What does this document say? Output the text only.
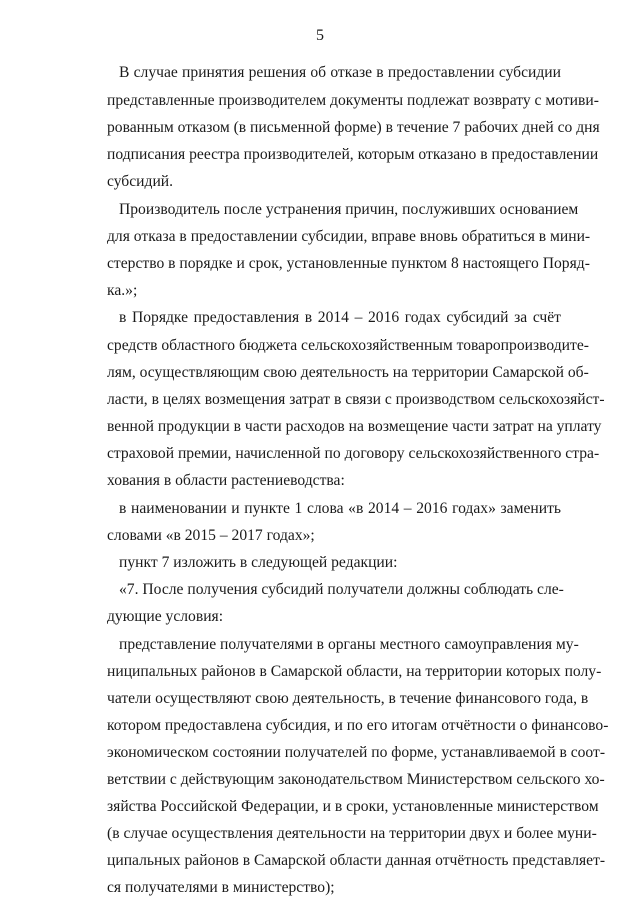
5
В случае принятия решения об отказе в предоставлении субсидии
представленные производителем документы подлежат возврату с мотиви-
рованным отказом (в письменной форме) в течение 7 рабочих дней со дня
подписания реестра производителей, которым отказано в предоставлении
субсидий.
Производитель после устранения причин, послуживших основанием
для отказа в предоставлении субсидии, вправе вновь обратиться в мини-
стерство в порядке и срок, установленные пунктом 8 настоящего Поряд-
ка.»;
в Порядке предоставления в 2014 – 2016 годах субсидий за счёт
средств областного бюджета сельскохозяйственным товаропроизводите-
лям, осуществляющим свою деятельность на территории Самарской об-
ласти, в целях возмещения затрат в связи с производством сельскохозяйст-
венной продукции в части расходов на возмещение части затрат на уплату
страховой премии, начисленной по договору сельскохозяйственного стра-
хования в области растениеводства:
в наименовании и пункте 1 слова «в 2014 – 2016 годах» заменить
словами «в 2015 – 2017 годах»;
пункт 7 изложить в следующей редакции:
«7. После получения субсидий получатели должны соблюдать сле-
дующие условия:
представление получателями в органы местного самоуправления му-
ниципальных районов в Самарской области, на территории которых полу-
чатели осуществляют свою деятельность, в течение финансового года, в
котором предоставлена субсидия, и по его итогам отчётности о финансово-
экономическом состоянии получателей по форме, устанавливаемой в соот-
ветствии с действующим законодательством Министерством сельского хо-
зяйства Российской Федерации, и в сроки, установленные министерством
(в случае осуществления деятельности на территории двух и более муни-
ципальных районов в Самарской области данная отчётность представляет-
ся получателями в министерство);
